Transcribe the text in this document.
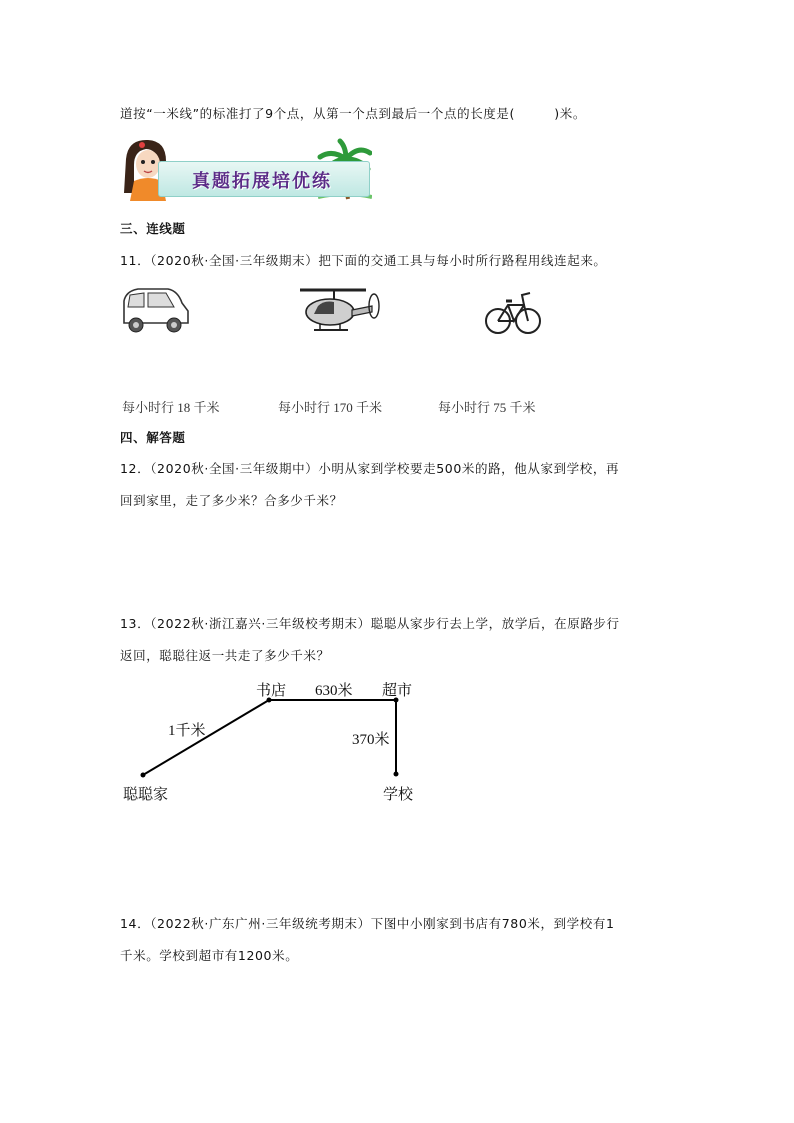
道按“一米线”的标准打了9个点，从第一个点到最后一个点的长度是(　　　)米。
真题拓展培优练
三、连线题
11．（2020秋·全国·三年级期末）把下面的交通工具与每小时所行路程用线连起来。
每小时行 18 千米	每小时行 170 千米	每小时行 75 千米
四、解答题
12．（2020秋·全国·三年级期中）小明从家到学校要走500米的路，他从家到学校，再
回到家里，走了多少米？合多少千米？
13．（2022秋·浙江嘉兴·三年级校考期末）聪聪从家步行去上学，放学后，在原路步行
返回，聪聪往返一共走了多少千米？
书店 630米 超市
1千米
370米
聪聪家	学校
14．（2022秋·广东广州·三年级统考期末）下图中小刚家到书店有780米，到学校有1
千米。学校到超市有1200米。
